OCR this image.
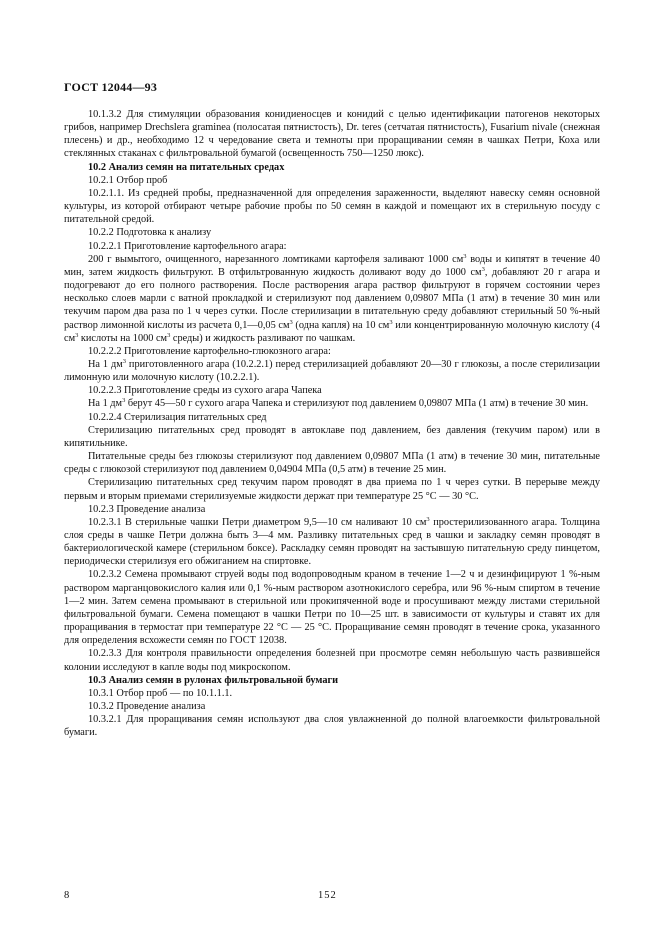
ГОСТ 12044—93

10.1.3.2 Для стимуляции образования конидиеносцев и конидий с целью идентификации патогенов некоторых грибов, например Drechslera graminea (полосатая пятнистость), Dr. teres (сетчатая пятнистость), Fusarium nivale (снежная плесень) и др., необходимо 12 ч чередование света и темноты при проращивании семян в чашках Петри, Коха или стеклянных стаканах с фильтровальной бумагой (освещенность 750—1250 люкс).

10.2 Анализ семян на питательных средах

10.2.1 Отбор проб

10.2.1.1. Из средней пробы, предназначенной для определения зараженности, выделяют навеску семян основной культуры, из которой отбирают четыре рабочие пробы по 50 семян в каждой и помещают их в стерильную посуду с питательной средой.

10.2.2 Подготовка к анализу

10.2.2.1 Приготовление картофельного агара:

200 г вымытого, очищенного, нарезанного ломтиками картофеля заливают 1000 $см^3$ воды и кипятят в течение 40 мин, затем жидкость фильтруют. В отфильтрованную жидкость доливают воду до 1000 $см^3$, добавляют 20 г агара и подогревают до его полного растворения. После растворения агара раствор фильтруют в горячем состоянии через несколько слоев марли с ватной прокладкой и стерилизуют под давлением 0,09807 МПа (1 атм) в течение 30 мин или текучим паром два раза по 1 ч через сутки. После стерилизации в питательную среду добавляют стерильный 50 %-ный раствор лимонной кислоты из расчета 0,1—0,05 $см^3$ (одна капля) на 10 $см^3$ или концентрированную молочную кислоту (4 $см^3$ кислоты на 1000 $см^3$ среды) и жидкость разливают по чашкам.

10.2.2.2 Приготовление картофельно-глюкозного агара:

На 1 $дм^3$ приготовленного агара (10.2.2.1) перед стерилизацией добавляют 20—30 г глюкозы, а после стерилизации лимонную или молочную кислоту (10.2.2.1).

10.2.2.3 Приготовление среды из сухого агара Чапека

На 1 $дм^3$ берут 45—50 г сухого агара Чапека и стерилизуют под давлением 0,09807 МПа (1 атм) в течение 30 мин.

10.2.2.4 Стерилизация питательных сред

Стерилизацию питательных сред проводят в автоклаве под давлением, без давления (текучим паром) или в кипятильнике.

Питательные среды без глюкозы стерилизуют под давлением 0,09807 МПа (1 атм) в течение 30 мин, питательные среды с глюкозой стерилизуют под давлением 0,04904 МПа (0,5 атм) в течение 25 мин.

Стерилизацию питательных сред текучим паром проводят в два приема по 1 ч через сутки. В перерыве между первым и вторым приемами стерилизуемые жидкости держат при температуре 25 °С — 30 °С.

10.2.3 Проведение анализа

10.2.3.1 В стерильные чашки Петри диаметром 9,5—10 см наливают 10 $см^3$ простерилизованного агара. Толщина слоя среды в чашке Петри должна быть 3—4 мм. Разливку питательных сред в чашки и закладку семян проводят в бактериологической камере (стерильном боксе). Раскладку семян проводят на застывшую питательную среду пинцетом, периодически стерилизуя его обжиганием на спиртовке.

10.2.3.2 Семена промывают струей воды под водопроводным краном в течение 1—2 ч и дезинфицируют 1 %-ным раствором марганцовокислого калия или 0,1 %-ным раствором азотнокислого серебра, или 96 %-ным спиртом в течение 1—2 мин. Затем семена промывают в стерильной или прокипяченной воде и просушивают между листами стерильной фильтровальной бумаги. Семена помещают в чашки Петри по 10—25 шт. в зависимости от культуры и ставят их для проращивания в термостат при температуре 22 °С — 25 °С. Проращивание семян проводят в течение срока, указанного для определения всхожести семян по ГОСТ 12038.

10.2.3.3 Для контроля правильности определения болезней при просмотре семян небольшую часть развившейся колонии исследуют в капле воды под микроскопом.

10.3 Анализ семян в рулонах фильтровальной бумаги

10.3.1 Отбор проб — по 10.1.1.1.

10.3.2 Проведение анализа

10.3.2.1 Для проращивания семян используют два слоя увлажненной до полной влагоемкости фильтровальной бумаги.

8	152
